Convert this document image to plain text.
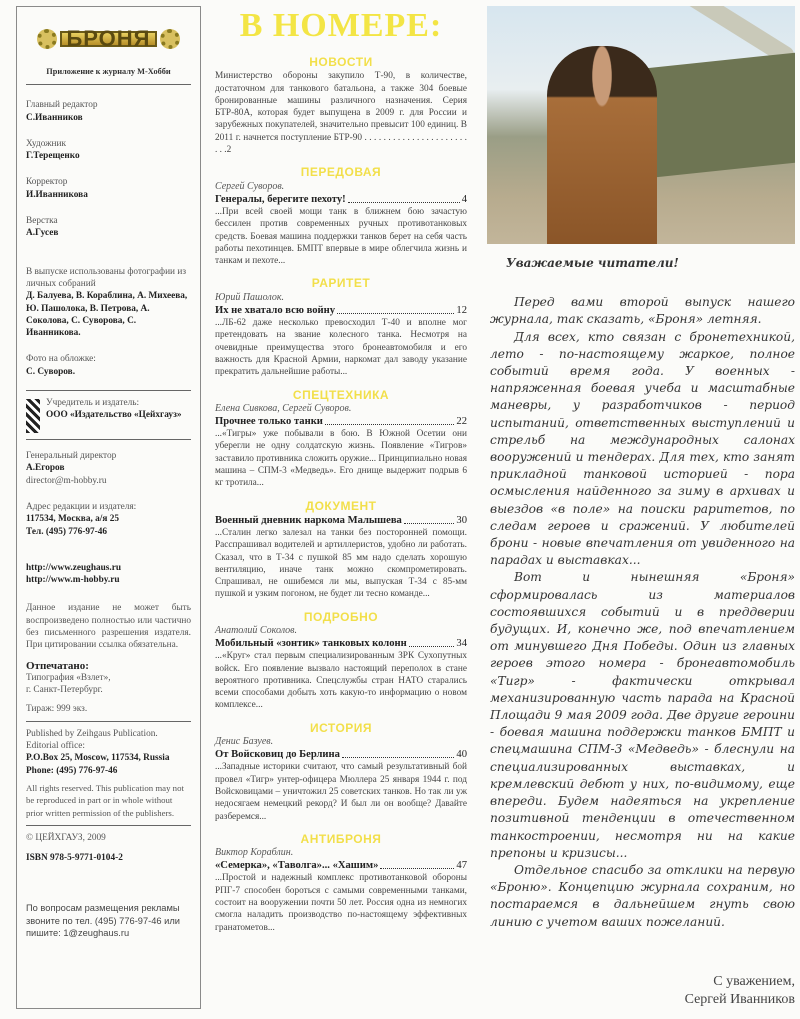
БРОНЯ
Приложение к журналу М-Хобби
Главный редактор
С.Иванников
Художник
Г.Терещенко
Корректор
И.Иванникова
Верстка
А.Гусев
В выпуске использованы фотографии из личных собраний
Д. Бaлуева, В. Кораблина, А. Михеева, Ю. Пашолока, В. Петрова, А. Соколова, С. Суворова, С. Иванникова.
Фото на обложке:
С. Суворов.
Учредитель и издатель:
ООО «Издательство «Цейхгауз»
Генеральный директор
А.Егоров
director@m-hobby.ru
Адрес редакции и издателя:
117534, Москва, а/я 25
Тел. (495) 776-97-46
http://www.zeughaus.ru
http://www.m-hobby.ru
Данное издание не может быть воспроизведено полностью или частично без письменного разрешения издателя. При цитировании ссылка обязательна.
Отпечатано:
Типография «Взлет»,
г. Санкт-Петербург.
Тираж: 999 экз.
Published by Zeihgaus Publication.
Editorial office:
P.O.Box 25, Moscow, 117534, Russia
Phone: (495) 776-97-46
All rights reserved. This publication may not be reproduced in part or in whole without prior written permission of the publishers.
© ЦЕЙХГАУЗ, 2009
ISBN 978-5-9771-0104-2
По вопросам размещения рекламы звоните по тел. (495) 776-97-46 или пишите: 1@zeughaus.ru
В НОМЕРЕ:
НОВОСТИ
Министерство обороны закупило Т-90, в количестве, достаточном для танкового батальона, а также 304 боевые бронированные машины различного назначения. Серия БТР-80А, которая будет выпущена в 2009 г. для России и зарубежных покупателей, значительно превысит 100 единиц. В 2011 г. начнется поступление БТР-90 . . . . . . . . . . . . . . . . . . . . . . . . .2
ПЕРЕДОВАЯ
Сергей Суворов.
Генералы, берегите пехоту!	4
...При всей своей мощи танк в ближнем бою зачастую бессилен против современных ручных противотанковых средств. Боевая машина поддержки танков берет на себя часть работы пехотинцев. БМПТ впервые в мире облегчила жизнь и танкам и пехоте...
РАРИТЕТ
Юрий Пашолок.
Их не хватало всю войну	12
...ЛБ-62 даже несколько превосходил Т-40 и вполне мог претендовать на звание колесного танка. Несмотря на очевидные преимущества этого бронеавтомобиля и его важность для Красной Армии, наркомат дал заводу указание прекратить дальнейшие работы...
СПЕЦТЕХНИКА
Елена Сивкова, Сергей Суворов.
Прочнее только танки	22
...«Тигры» уже побывали в бою. В Южной Осетии они уберегли не одну солдатскую жизнь. Появление «Тигров» заставило противника сложить оружие... Принципиально новая машина – СПМ-3 «Медведь». Его днище выдержит подрыв 6 кг тротила...
ДОКУМЕНТ
Военный дневник наркома Малышева	30
...Сталин легко залезал на танки без посторонней помощи. Расспрашивал водителей и артиллеристов, удобно ли работать. Сказал, что в Т-34 с пушкой 85 мм надо сделать хорошую вентиляцию, иначе танк можно скомпрометировать. Спрашивал, не ошибемся ли мы, выпуская Т-34 с 85-мм пушкой и узким погоном, не будет ли тесно команде...
ПОДРОБНО
Анатолий Соколов.
Мобильный «зонтик» танковых колонн	34
...«Круг» стал первым специализированным ЗРК Сухопутных войск. Его появление вызвало настоящий переполох в стане вероятного противника. Спецслужбы стран НАТО старались всеми способами добыть хоть какую-то информацию о новом комплексе...
ИСТОРИЯ
Денис Базуев.
От Войсковиц до Берлина	40
...Западные историки считают, что самый результативный бой провел «Тигр» унтер-офицера Мюллера 25 января 1944 г. под Войсковицами – уничтожил 25 советских танков. Но так ли уж недосягаем немецкий рекорд? И был ли он вообще? Давайте разберемся...
АНТИБРОНЯ
Виктор Кораблин.
«Семерка», «Таволга»... «Хашим»	47
...Простой и надежный комплекс противотанковой обороны РПГ-7 способен бороться с самыми современными танками, состоит на вооружении почти 50 лет. Россия одна из немногих смогла наладить производство по-настоящему эффективных гранатометов...
Уважаемые читатели!

Перед вами второй выпуск нашего журнала, так сказать, «Броня» летняя.

Для всех, кто связан с бронетехникой, лето - по-настоящему жаркое, полное событий время года. У военных - напряженная боевая учеба и масштабные маневры, у разработчиков - период испытаний, ответственных выступлений и стрельб на международных салонах вооружений и тендерах. Для тех, кто занят прикладной танковой историей - пора осмысления найденного за зиму в архивах и выездов «в поле» на поиски раритетов, по следам героев и сражений. У любителей брони - новые впечатления от увиденного на парадах и выставках...

Вот и нынешняя «Броня» сформировалась из материалов состоявшихся событий и в преддверии будущих. И, конечно же, под впечатлением от минувшего Дня Победы. Один из главных героев этого номера - бронеавтомобиль «Тигр» - фактически открывал механизированную часть парада на Красной Площади 9 мая 2009 года. Две другие героини - боевая машина поддержки танков БМПТ и спецмашина СПМ-3 «Медведь» - блеснули на специализированных выставках, и кремлевский дебют у них, по-видимому, еще впереди. Будем надеяться на укрепление позитивной тенденции в отечественном танкостроении, несмотря ни на какие препоны и кризисы...

Отдельное спасибо за отклики на первую «Броню». Концепцию журнала сохраним, но постараемся в дальнейшем гнуть свою линию с учетом ваших пожеланий.

С уважением,
Сергей Иванников
